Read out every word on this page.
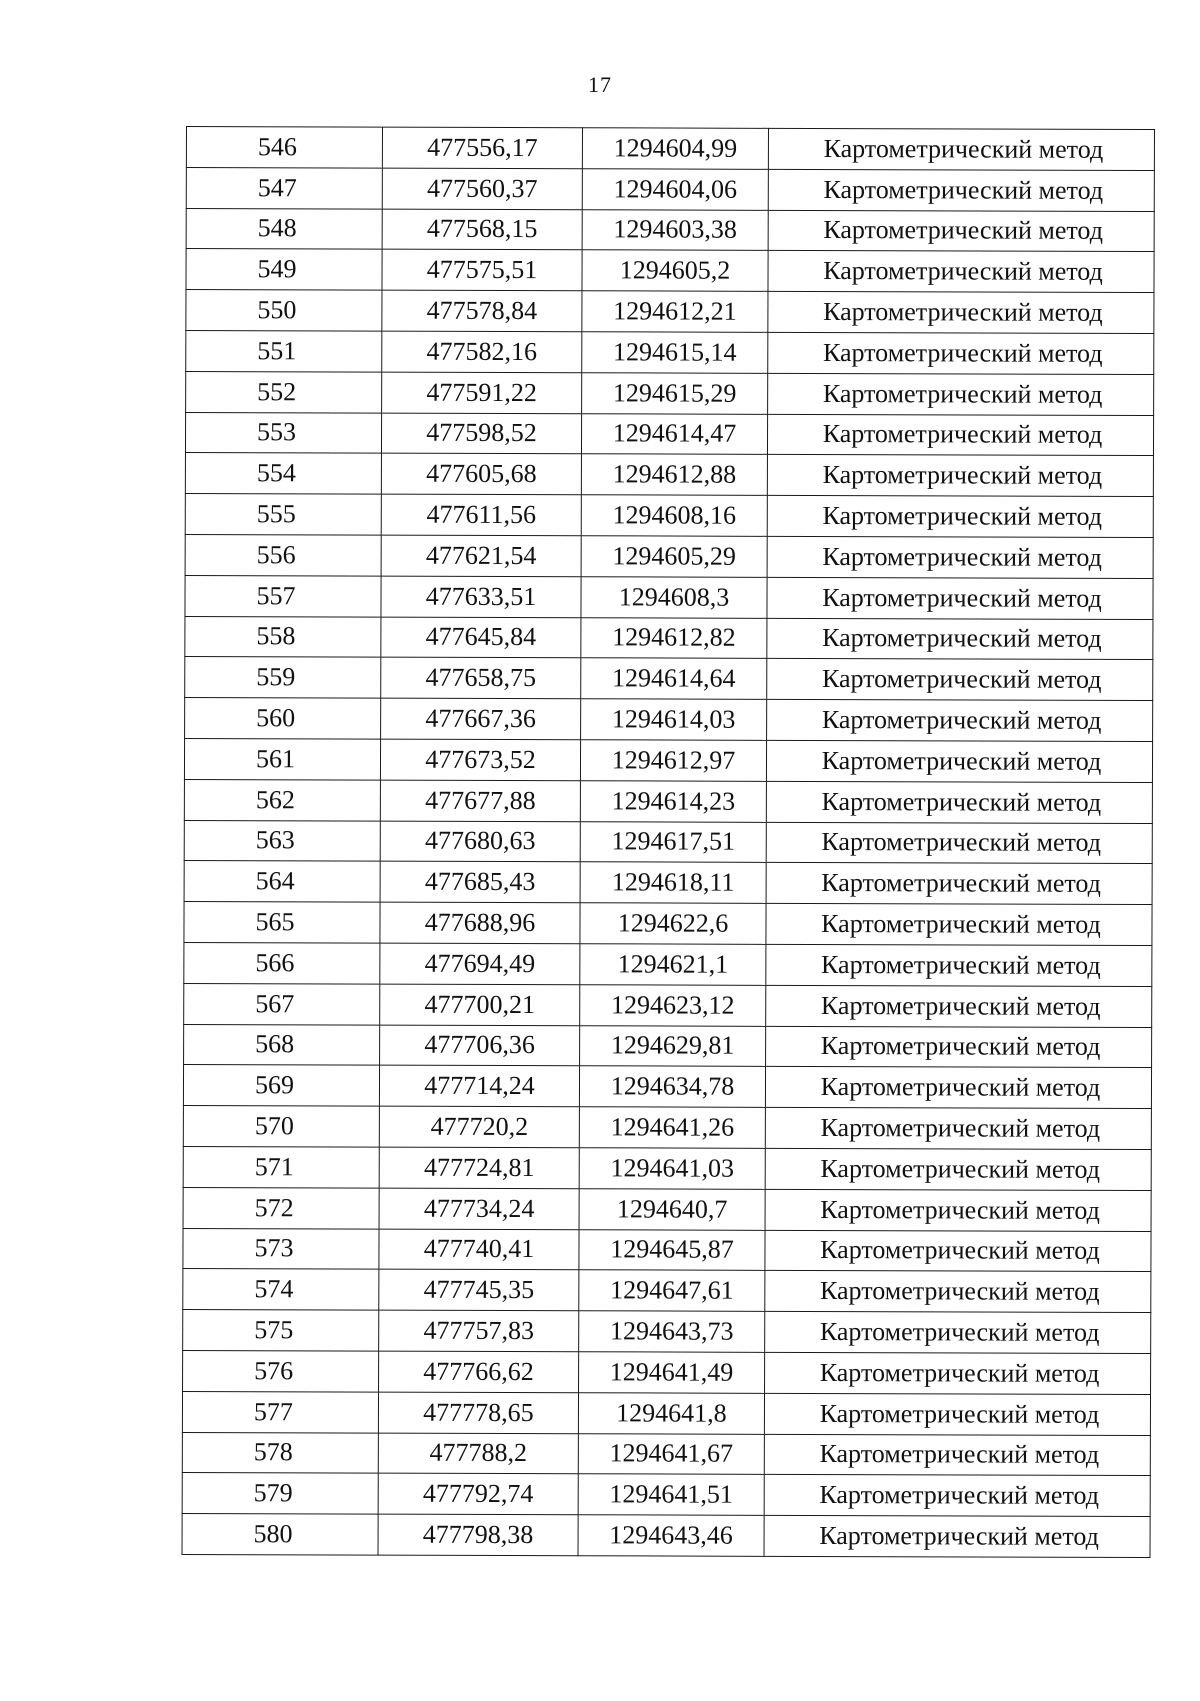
17
546	477556,17	1294604,99	Картометрический метод
547	477560,37	1294604,06	Картометрический метод
548	477568,15	1294603,38	Картометрический метод
549	477575,51	1294605,2	Картометрический метод
550	477578,84	1294612,21	Картометрический метод
551	477582,16	1294615,14	Картометрический метод
552	477591,22	1294615,29	Картометрический метод
553	477598,52	1294614,47	Картометрический метод
554	477605,68	1294612,88	Картометрический метод
555	477611,56	1294608,16	Картометрический метод
556	477621,54	1294605,29	Картометрический метод
557	477633,51	1294608,3	Картометрический метод
558	477645,84	1294612,82	Картометрический метод
559	477658,75	1294614,64	Картометрический метод
560	477667,36	1294614,03	Картометрический метод
561	477673,52	1294612,97	Картометрический метод
562	477677,88	1294614,23	Картометрический метод
563	477680,63	1294617,51	Картометрический метод
564	477685,43	1294618,11	Картометрический метод
565	477688,96	1294622,6	Картометрический метод
566	477694,49	1294621,1	Картометрический метод
567	477700,21	1294623,12	Картометрический метод
568	477706,36	1294629,81	Картометрический метод
569	477714,24	1294634,78	Картометрический метод
570	477720,2	1294641,26	Картометрический метод
571	477724,81	1294641,03	Картометрический метод
572	477734,24	1294640,7	Картометрический метод
573	477740,41	1294645,87	Картометрический метод
574	477745,35	1294647,61	Картометрический метод
575	477757,83	1294643,73	Картометрический метод
576	477766,62	1294641,49	Картометрический метод
577	477778,65	1294641,8	Картометрический метод
578	477788,2	1294641,67	Картометрический метод
579	477792,74	1294641,51	Картометрический метод
580	477798,38	1294643,46	Картометрический метод
